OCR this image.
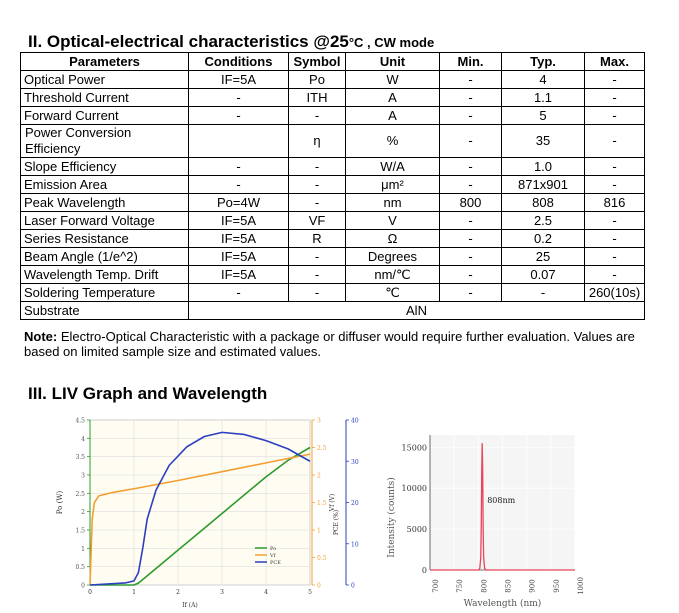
II. Optical-electrical characteristics @25°C , CW mode
Parameters	Conditions	Symbol	Unit	Min.	Typ.	Max.
Optical Power	IF=5A	Po	W	-	4	-
Threshold Current	-	ITH	A	-	1.1	-
Forward Current	-	-	A	-	5	-
Power Conversion Efficiency		η	%	-	35	-
Slope Efficiency	-	-	W/A	-	1.0	-
Emission Area	-	-	μm²	-	871x901	-
Peak Wavelength	Po=4W	-	nm	800	808	816
Laser Forward Voltage	IF=5A	VF	V	-	2.5	-
Series Resistance	IF=5A	R	Ω	-	0.2	-
Beam Angle (1/e^2)	IF=5A	-	Degrees	-	25	-
Wavelength Temp. Drift	IF=5A	-	nm/℃	-	0.07	-
Soldering Temperature	-	-	℃	-	-	260(10s)
Substrate	AlN					
Note: Electro-Optical Characteristic with a package or diffuser would require further evaluation. Values are based on limited sample size and estimated values.
III. LIV Graph and Wavelength
0
0.5
1
1.5
2
2.5
3
3.5
4
4.5
0	1	2	3	4	5
If (A)
Po (W)
0
0.5
1
1.5
2
2.5
3
Vf (V)
0
10
20
30
40
PCE (%)
Po
Vf
PCE
700 750 800 850 900 950 1000
0
5000
10000
15000
808nm
Wavelength (nm)
Intensity (counts)
